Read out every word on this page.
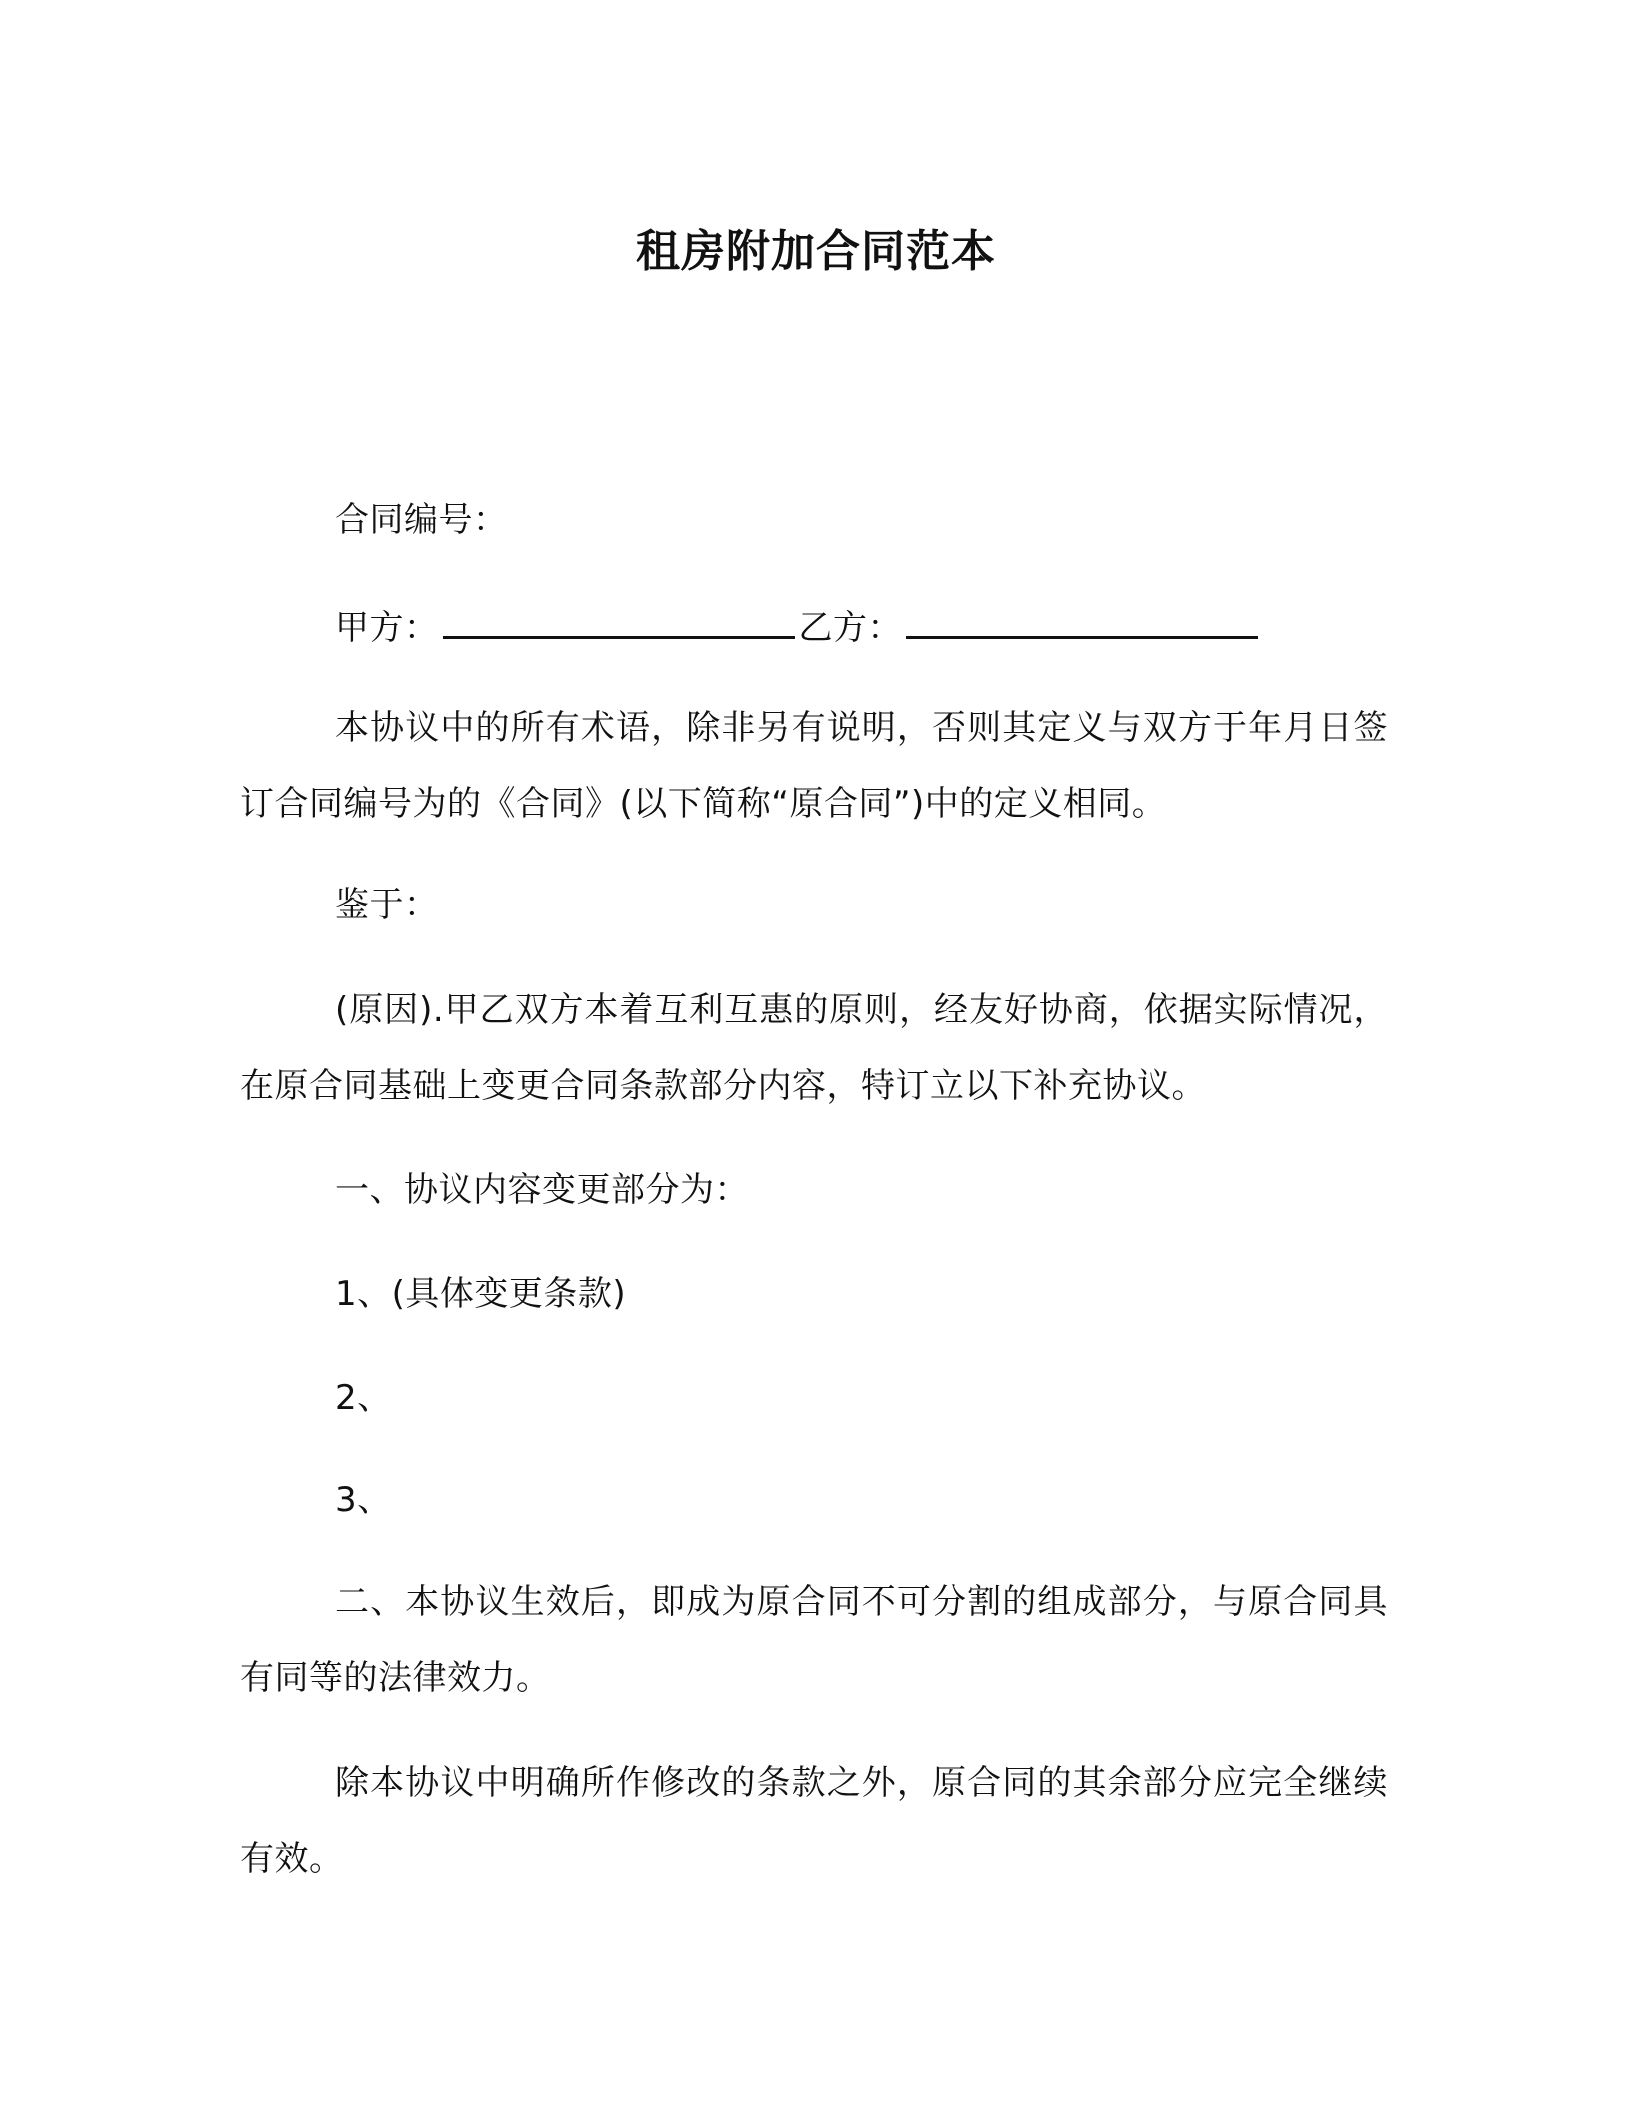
租房附加合同范本
合同编号：
甲方：	乙方：
本协议中的所有术语，除非另有说明，否则其定义与双方于年月日签订合同编号为的《合同》(以下简称“原合同”)中的定义相同。
鉴于：
(原因).甲乙双方本着互利互惠的原则，经友好协商，依据实际情况，在原合同基础上变更合同条款部分内容，特订立以下补充协议。
一、协议内容变更部分为：
1、(具体变更条款)
2、
3、
二、本协议生效后，即成为原合同不可分割的组成部分，与原合同具有同等的法律效力。
除本协议中明确所作修改的条款之外，原合同的其余部分应完全继续有效。
